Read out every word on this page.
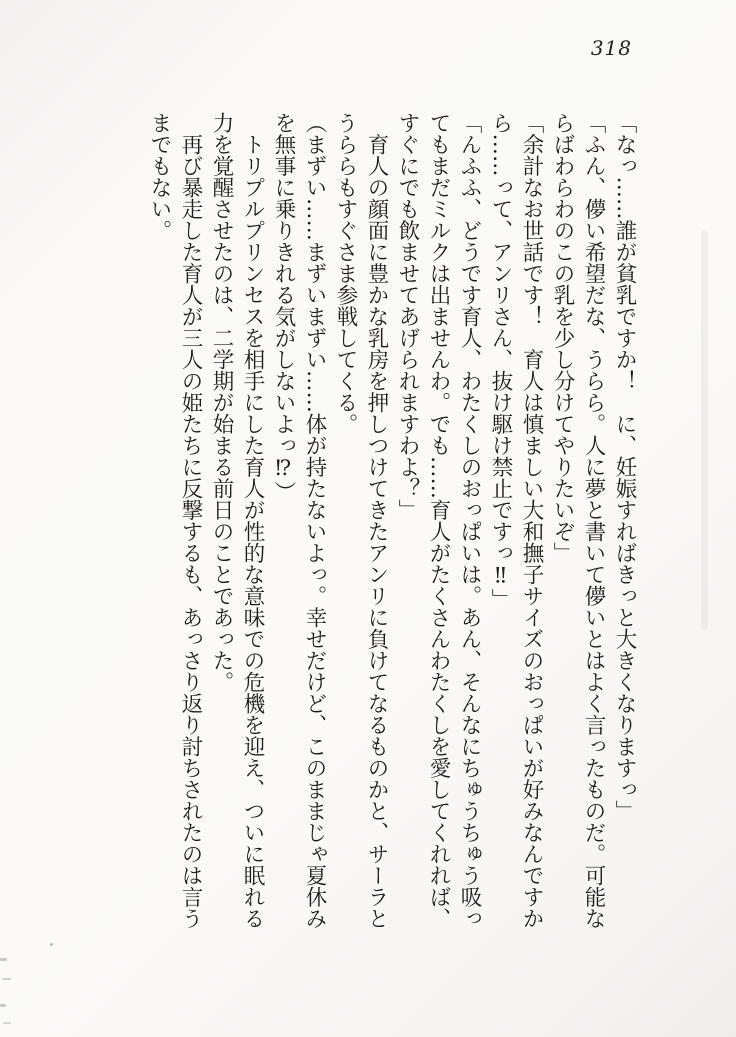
318
「なっ……誰が貧乳ですか！　に、妊娠すればきっと大きくなりますっ」
「ふん、儚い希望だな、うらら。人に夢と書いて儚いとはよく言ったものだ。可能な
らばわらわのこの乳を少し分けてやりたいぞ」
「余計なお世話です！　育人は慎ましい大和撫子サイズのおっぱいが好みなんですか
ら……って、アンリさん、抜け駆け禁止ですっ‼」
「んふふ、どうです育人、わたくしのおっぱいは。あん、そんなにちゅうちゅう吸っ
てもまだミルクは出ませんわ。でも……育人がたくさんわたくしを愛してくれれば、
すぐにでも飲ませてあげられますわよ？」
　育人の顔面に豊かな乳房を押しつけてきたアンリに負けてなるものかと、サーラと
うららもすぐさま参戦してくる。
（まずい……まずいまずい……体が持たないよっ。幸せだけど、このままじゃ夏休み
を無事に乗りきれる気がしないよっ⁉）
　トリプルプリンセスを相手にした育人が性的な意味での危機を迎え、ついに眠れる
力を覚醒させたのは、二学期が始まる前日のことであった。
　再び暴走した育人が三人の姫たちに反撃するも、あっさり返り討ちされたのは言う
までもない。
